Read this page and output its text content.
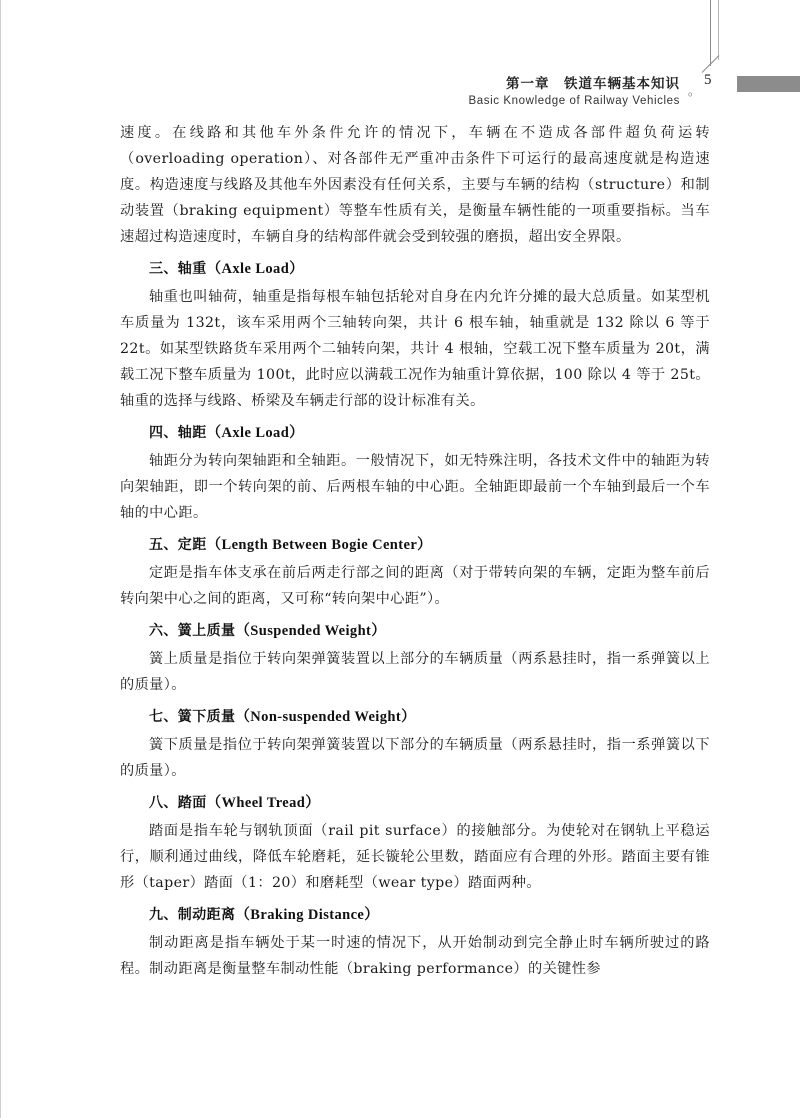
第一章　铁道车辆基本知识
Basic Knowledge of Railway Vehicles
。
5

速度。在线路和其他车外条件允许的情况下，车辆在不造成各部件超负荷运转（overloading operation）、对各部件无严重冲击条件下可运行的最高速度就是构造速度。构造速度与线路及其他车外因素没有任何关系，主要与车辆的结构（structure）和制动装置（braking equipment）等整车性质有关，是衡量车辆性能的一项重要指标。当车速超过构造速度时，车辆自身的结构部件就会受到较强的磨损，超出安全界限。

三、轴重（Axle Load）

轴重也叫轴荷，轴重是指每根车轴包括轮对自身在内允许分摊的最大总质量。如某型机车质量为 132t，该车采用两个三轴转向架，共计 6 根车轴，轴重就是 132 除以 6 等于 22t。如某型铁路货车采用两个二轴转向架，共计 4 根轴，空载工况下整车质量为 20t，满载工况下整车质量为 100t，此时应以满载工况作为轴重计算依据，100 除以 4 等于 25t。轴重的选择与线路、桥梁及车辆走行部的设计标准有关。

四、轴距（Axle Load）

轴距分为转向架轴距和全轴距。一般情况下，如无特殊注明，各技术文件中的轴距为转向架轴距，即一个转向架的前、后两根车轴的中心距。全轴距即最前一个车轴到最后一个车轴的中心距。

五、定距（Length Between Bogie Center）

定距是指车体支承在前后两走行部之间的距离（对于带转向架的车辆，定距为整车前后转向架中心之间的距离，又可称“转向架中心距”）。

六、簧上质量（Suspended Weight）

簧上质量是指位于转向架弹簧装置以上部分的车辆质量（两系悬挂时，指一系弹簧以上的质量）。

七、簧下质量（Non-suspended Weight）

簧下质量是指位于转向架弹簧装置以下部分的车辆质量（两系悬挂时，指一系弹簧以下的质量）。

八、踏面（Wheel Tread）

踏面是指车轮与钢轨顶面（rail pit surface）的接触部分。为使轮对在钢轨上平稳运行，顺利通过曲线，降低车轮磨耗，延长镟轮公里数，踏面应有合理的外形。踏面主要有锥形（taper）踏面（1：20）和磨耗型（wear type）踏面两种。

九、制动距离（Braking Distance）

制动距离是指车辆处于某一时速的情况下，从开始制动到完全静止时车辆所驶过的路程。制动距离是衡量整车制动性能（braking performance）的关键性参
